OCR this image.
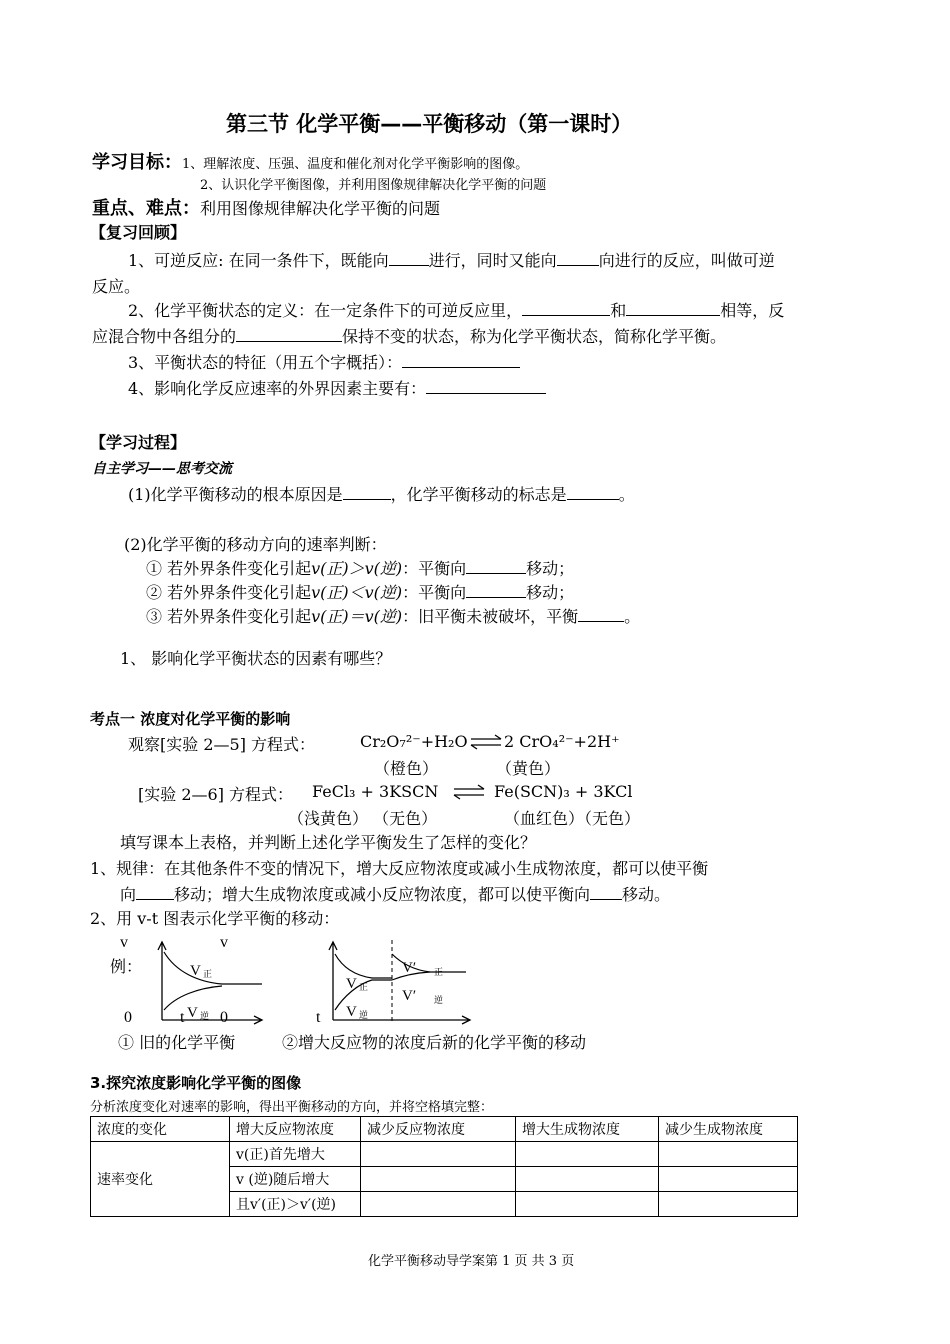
第三节 化学平衡——平衡移动（第一课时）
学习目标：1、理解浓度、压强、温度和催化剂对化学平衡影响的图像。
2、认识化学平衡图像，并利用图像规律解决化学平衡的问题
重点、难点：利用图像规律解决化学平衡的问题
【复习回顾】
1、可逆反应: 在同一条件下，既能向	进行，同时又能向	向进行的反应，叫做可逆
反应。
2、化学平衡状态的定义：在一定条件下的可逆反应里，	和	相等，反
应混合物中各组分的	保持不变的状态，称为化学平衡状态，简称化学平衡。
3、平衡状态的特征（用五个字概括）：
4、影响化学反应速率的外界因素主要有：
【学习过程】
自主学习——思考交流
(1)化学平衡移动的根本原因是	，化学平衡移动的标志是	。
(2)化学平衡的移动方向的速率判断：
① 若外界条件变化引起v(正)＞v(逆)：平衡向	移动；
② 若外界条件变化引起v(正)＜v(逆)：平衡向	移动；
③ 若外界条件变化引起v(正)＝v(逆)：旧平衡未被破坏，平衡	。
1、 影响化学平衡状态的因素有哪些？
考点一 浓度对化学平衡的影响
观察[实验 2—5] 方程式：	Cr₂O₇²⁻+H₂O ⇌ 2 CrO₄²⁻+2H⁺
（橙色）	（黄色）
[实验 2—6] 方程式： FeCl₃ + 3KSCN ⇌ Fe(SCN)₃ + 3KCl
（浅黄色） （无色）	（血红色）（无色）
填写课本上表格，并判断上述化学平衡发生了怎样的变化？
1、规律：在其他条件不变的情况下，增大反应物浓度或减小生成物浓度，都可以使平衡
向 移动；增大生成物浓度或减小反应物浓度，都可以使平衡向 移动。
2、用 v-t 图表示化学平衡的移动：
v
例：	V 正
V 逆
0	t
v
0
V 正
V 逆
V′ 正
V′ 逆
t
① 旧的化学平衡	②增大反应物的浓度后新的化学平衡的移动
3.探究浓度影响化学平衡的图像
分析浓度变化对速率的影响，得出平衡移动的方向，并将空格填完整：
浓度的变化	增大反应物浓度	减少反应物浓度	增大生成物浓度	减少生成物浓度
速率变化	v(正)首先增大			
	v (逆)随后增大			
	且v′(正)＞v′(逆)			
化学平衡移动导学案第 1 页 共 3 页
